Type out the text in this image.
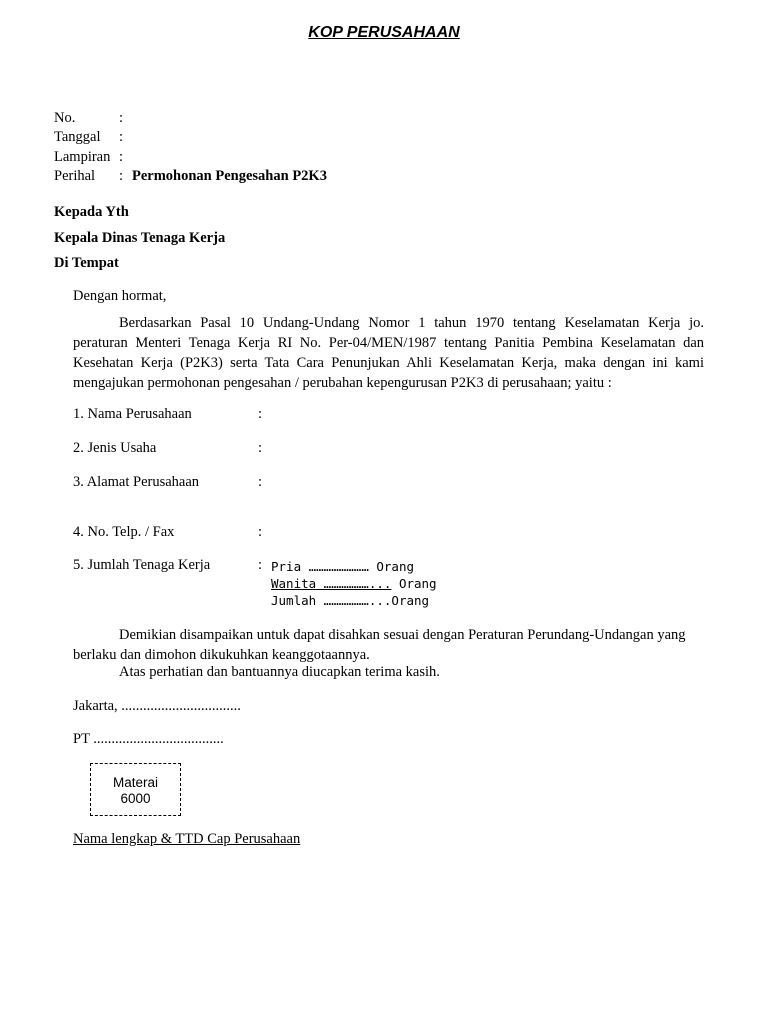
KOP PERUSAHAAN
No.	:
Tanggal :
Lampiran :
Perihal : Permohonan Pengesahan P2K3
Kepada Yth
Kepala Dinas Tenaga Kerja
Di Tempat
Dengan hormat,
Berdasarkan Pasal 10 Undang-Undang Nomor 1 tahun 1970 tentang Keselamatan Kerja jo. peraturan Menteri Tenaga Kerja RI No. Per-04/MEN/1987 tentang Panitia Pembina Keselamatan dan Kesehatan Kerja (P2K3) serta Tata Cara Penunjukan Ahli Keselamatan Kerja, maka dengan ini kami mengajukan permohonan pengesahan / perubahan kepengurusan P2K3 di perusahaan; yaitu :
1. Nama Perusahaan	:
2. Jenis Usaha	:
3. Alamat Perusahaan	:
4. No. Telp. / Fax	:
5. Jumlah Tenaga Kerja	: Pria …………………… Orang
Wanita ………………... Orang
Jumlah ………………...Orang
Demikian disampaikan untuk dapat disahkan sesuai dengan Peraturan Perundang-Undangan yang berlaku dan dimohon dikukuhkan keanggotaannya.
Atas perhatian dan bantuannya diucapkan terima kasih.
Jakarta, .................................
PT ....................................
Materai
6000
Nama lengkap & TTD Cap Perusahaan
